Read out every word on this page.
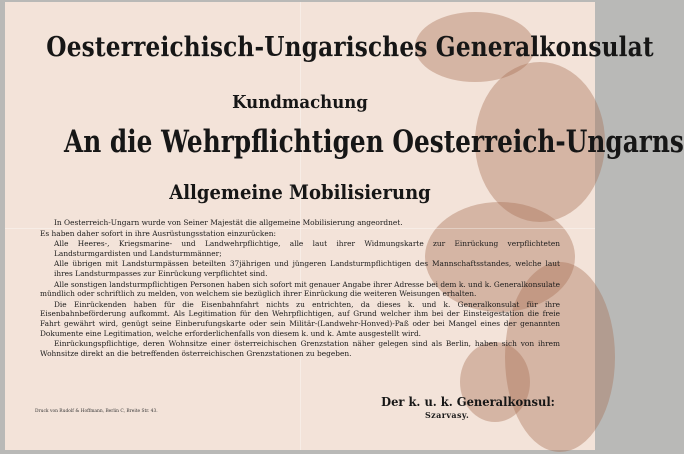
Oesterreichisch-Ungarisches Generalkonsulat
Kundmachung
An die Wehrpflichtigen Oesterreich-Ungarns
Allgemeine Mobilisierung

In Oesterreich-Ungarn wurde von Seiner Majestät die allgemeine Mobilisierung angeordnet.

Es haben daher sofort in ihre Ausrüstungsstation einzurücken:

Alle Heeres-, Kriegsmarine- und Landwehrpflichtige, alle laut ihrer Widmungskarte zur Einrückung verpflichteten Landsturmgardisten und Landsturmmänner;

Alle übrigen mit Landsturmpässen beteilten 37jährigen und jüngeren Landsturmpflichtigen des Mannschaftsstandes, welche laut ihres Landsturmpasses zur Einrückung verpflichtet sind.

Alle sonstigen landsturmpflichtigen Personen haben sich sofort mit genauer Angabe ihrer Adresse bei dem k. und k. Generalkonsulate mündlich oder schriftlich zu melden, von welchem sie bezüglich ihrer Einrückung die weiteren Weisungen erhalten.

Die Einrückenden haben für die Eisenbahnfahrt nichts zu entrichten, da dieses k. und k. Generalkonsulat für ihre Eisenbahnbeförderung aufkommt. Als Legitimation für den Wehrpflichtigen, auf Grund welcher ihm bei der Einsteigestation die freie Fahrt gewährt wird, genügt seine Einberufungskarte oder sein Militär-(Landwehr-Honved)-Paß oder bei Mangel eines der genannten Dokumente eine Legitimation, welche erforderlichenfalls von diesem k. und k. Amte ausgestellt wird.

Einrückungspflichtige, deren Wohnsitze einer österreichischen Grenzstation näher gelegen sind als Berlin, haben sich von ihrem Wohnsitze direkt an die betreffenden österreichischen Grenzstationen zu begeben.

Druck von Rudolf & Hoffmann, Berlin C, Breite Str. 43.
Der k. u. k. Generalkonsul:
Szarvasy.
